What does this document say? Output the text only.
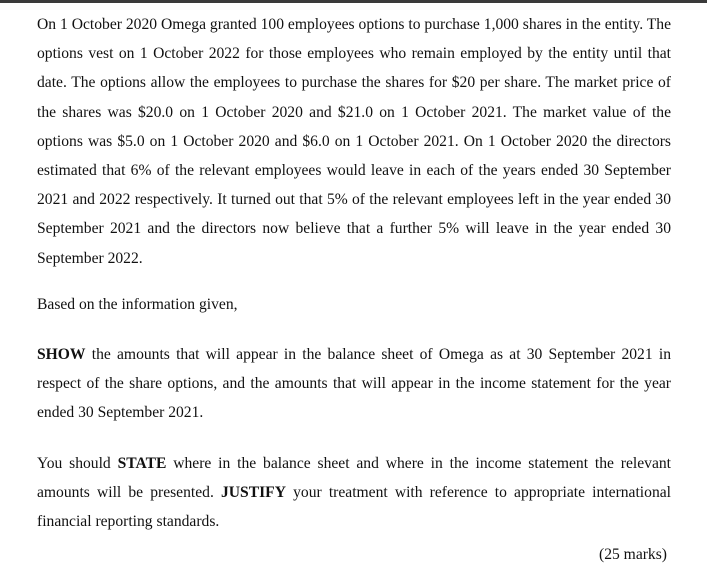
On 1 October 2020 Omega granted 100 employees options to purchase 1,000 shares in the entity. The options vest on 1 October 2022 for those employees who remain employed by the entity until that date. The options allow the employees to purchase the shares for $20 per share. The market price of the shares was $20.0 on 1 October 2020 and $21.0 on 1 October 2021. The market value of the options was $5.0 on 1 October 2020 and $6.0 on 1 October 2021. On 1 October 2020 the directors estimated that 6% of the relevant employees would leave in each of the years ended 30 September 2021 and 2022 respectively. It turned out that 5% of the relevant employees left in the year ended 30 September 2021 and the directors now believe that a further 5% will leave in the year ended 30 September 2022.

Based on the information given,

SHOW the amounts that will appear in the balance sheet of Omega as at 30 September 2021 in respect of the share options, and the amounts that will appear in the income statement for the year ended 30 September 2021.

You should STATE where in the balance sheet and where in the income statement the relevant amounts will be presented. JUSTIFY your treatment with reference to appropriate international financial reporting standards.

(25 marks)
